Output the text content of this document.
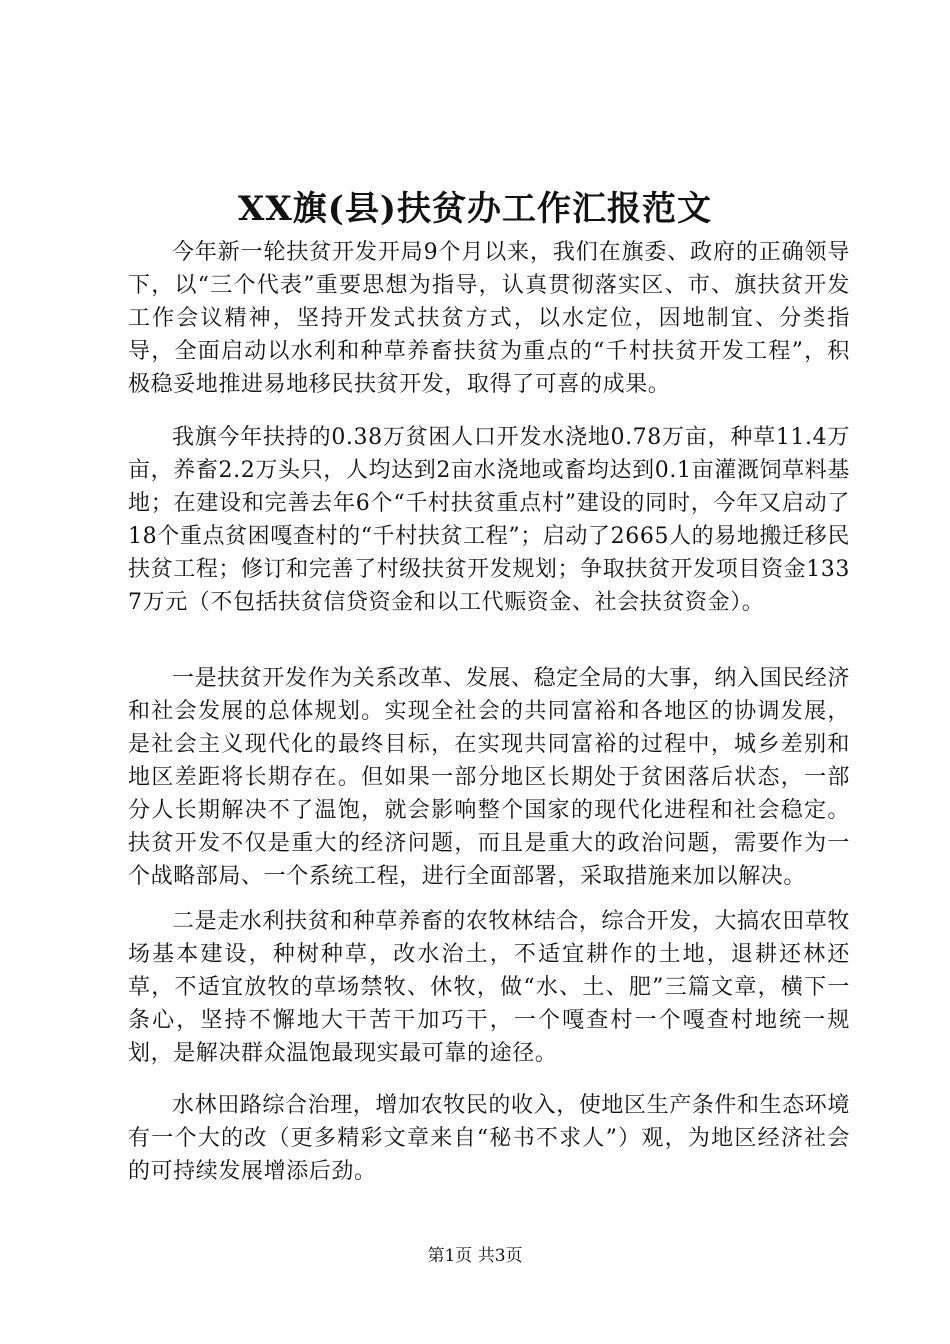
XX旗(县)扶贫办工作汇报范文

今年新一轮扶贫开发开局9个月以来，我们在旗委、政府的正确领导下，以“三个代表”重要思想为指导，认真贯彻落实区、市、旗扶贫开发工作会议精神，坚持开发式扶贫方式，以水定位，因地制宜、分类指导，全面启动以水利和种草养畜扶贫为重点的“千村扶贫开发工程”，积极稳妥地推进易地移民扶贫开发，取得了可喜的成果。

我旗今年扶持的0.38万贫困人口开发水浇地0.78万亩，种草11.4万亩，养畜2.2万头只，人均达到2亩水浇地或畜均达到0.1亩灌溉饲草料基地；在建设和完善去年6个“千村扶贫重点村”建设的同时，今年又启动了18个重点贫困嘎查村的“千村扶贫工程”；启动了2665人的易地搬迁移民扶贫工程；修订和完善了村级扶贫开发规划；争取扶贫开发项目资金1337万元（不包括扶贫信贷资金和以工代赈资金、社会扶贫资金）。

一是扶贫开发作为关系改革、发展、稳定全局的大事，纳入国民经济和社会发展的总体规划。实现全社会的共同富裕和各地区的协调发展，是社会主义现代化的最终目标，在实现共同富裕的过程中，城乡差别和地区差距将长期存在。但如果一部分地区长期处于贫困落后状态，一部分人长期解决不了温饱，就会影响整个国家的现代化进程和社会稳定。扶贫开发不仅是重大的经济问题，而且是重大的政治问题，需要作为一个战略部局、一个系统工程，进行全面部署，采取措施来加以解决。

二是走水利扶贫和种草养畜的农牧林结合，综合开发，大搞农田草牧场基本建设，种树种草，改水治土，不适宜耕作的土地，退耕还林还草，不适宜放牧的草场禁牧、休牧，做“水、土、肥”三篇文章，横下一条心，坚持不懈地大干苦干加巧干，一个嘎查村一个嘎查村地统一规划，是解决群众温饱最现实最可靠的途径。

水林田路综合治理，增加农牧民的收入，使地区生产条件和生态环境有一个大的改（更多精彩文章来自“秘书不求人”）观，为地区经济社会的可持续发展增添后劲。

第1页 共3页
